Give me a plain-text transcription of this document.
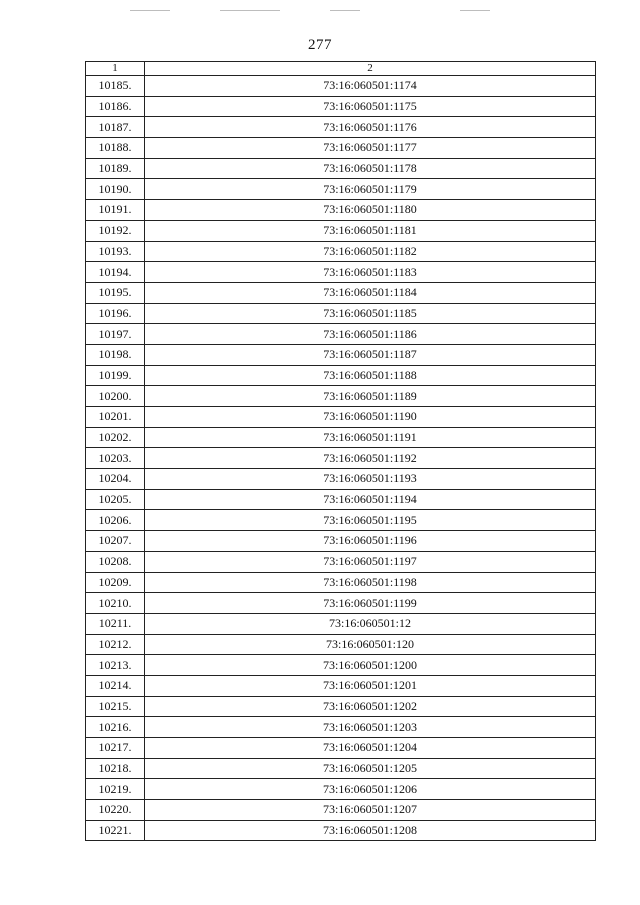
277
1	2
10185.	73:16:060501:1174
10186.	73:16:060501:1175
10187.	73:16:060501:1176
10188.	73:16:060501:1177
10189.	73:16:060501:1178
10190.	73:16:060501:1179
10191.	73:16:060501:1180
10192.	73:16:060501:1181
10193.	73:16:060501:1182
10194.	73:16:060501:1183
10195.	73:16:060501:1184
10196.	73:16:060501:1185
10197.	73:16:060501:1186
10198.	73:16:060501:1187
10199.	73:16:060501:1188
10200.	73:16:060501:1189
10201.	73:16:060501:1190
10202.	73:16:060501:1191
10203.	73:16:060501:1192
10204.	73:16:060501:1193
10205.	73:16:060501:1194
10206.	73:16:060501:1195
10207.	73:16:060501:1196
10208.	73:16:060501:1197
10209.	73:16:060501:1198
10210.	73:16:060501:1199
10211.	73:16:060501:12
10212.	73:16:060501:120
10213.	73:16:060501:1200
10214.	73:16:060501:1201
10215.	73:16:060501:1202
10216.	73:16:060501:1203
10217.	73:16:060501:1204
10218.	73:16:060501:1205
10219.	73:16:060501:1206
10220.	73:16:060501:1207
10221.	73:16:060501:1208
